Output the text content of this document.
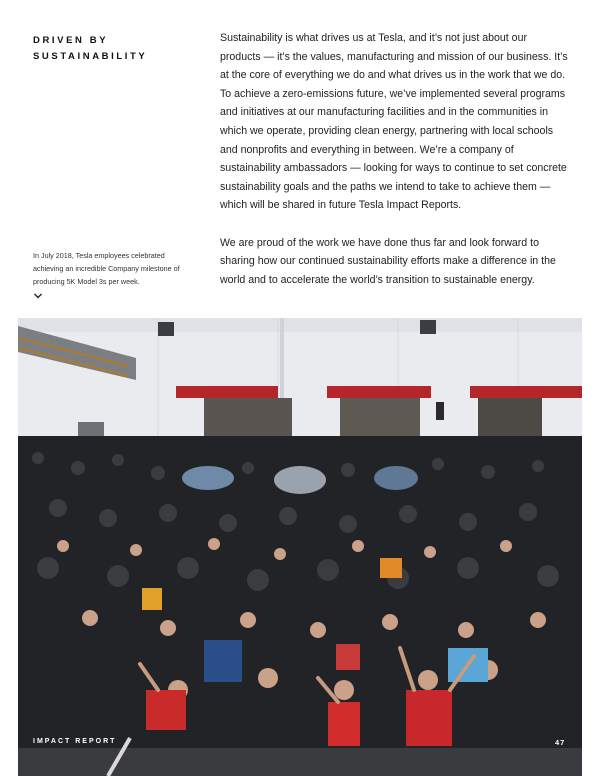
DRIVEN BY
SUSTAINABILITY

Sustainability is what drives us at Tesla, and it’s not just about our products — it’s the values, manufacturing and mission of our business. It’s at the core of everything we do and what drives us in the work that we do. To achieve a zero-emissions future, we’ve implemented several programs and initiatives at our manufacturing facilities and in the communities in which we operate, providing clean energy, partnering with local schools and nonprofits and everything in between. We’re a company of sustainability ambassadors — looking for ways to continue to set concrete sustainability goals and the paths we intend to take to achieve them — which will be shared in future Tesla Impact Reports.

We are proud of the work we have done thus far and look forward to sharing how our continued sustainability efforts make a difference in the world and to accelerate the world’s transition to sustainable energy.

In July 2018, Tesla employees celebrated achieving an incredible Company milestone of producing 5K Model 3s per week.
IMPACT REPORT	47
